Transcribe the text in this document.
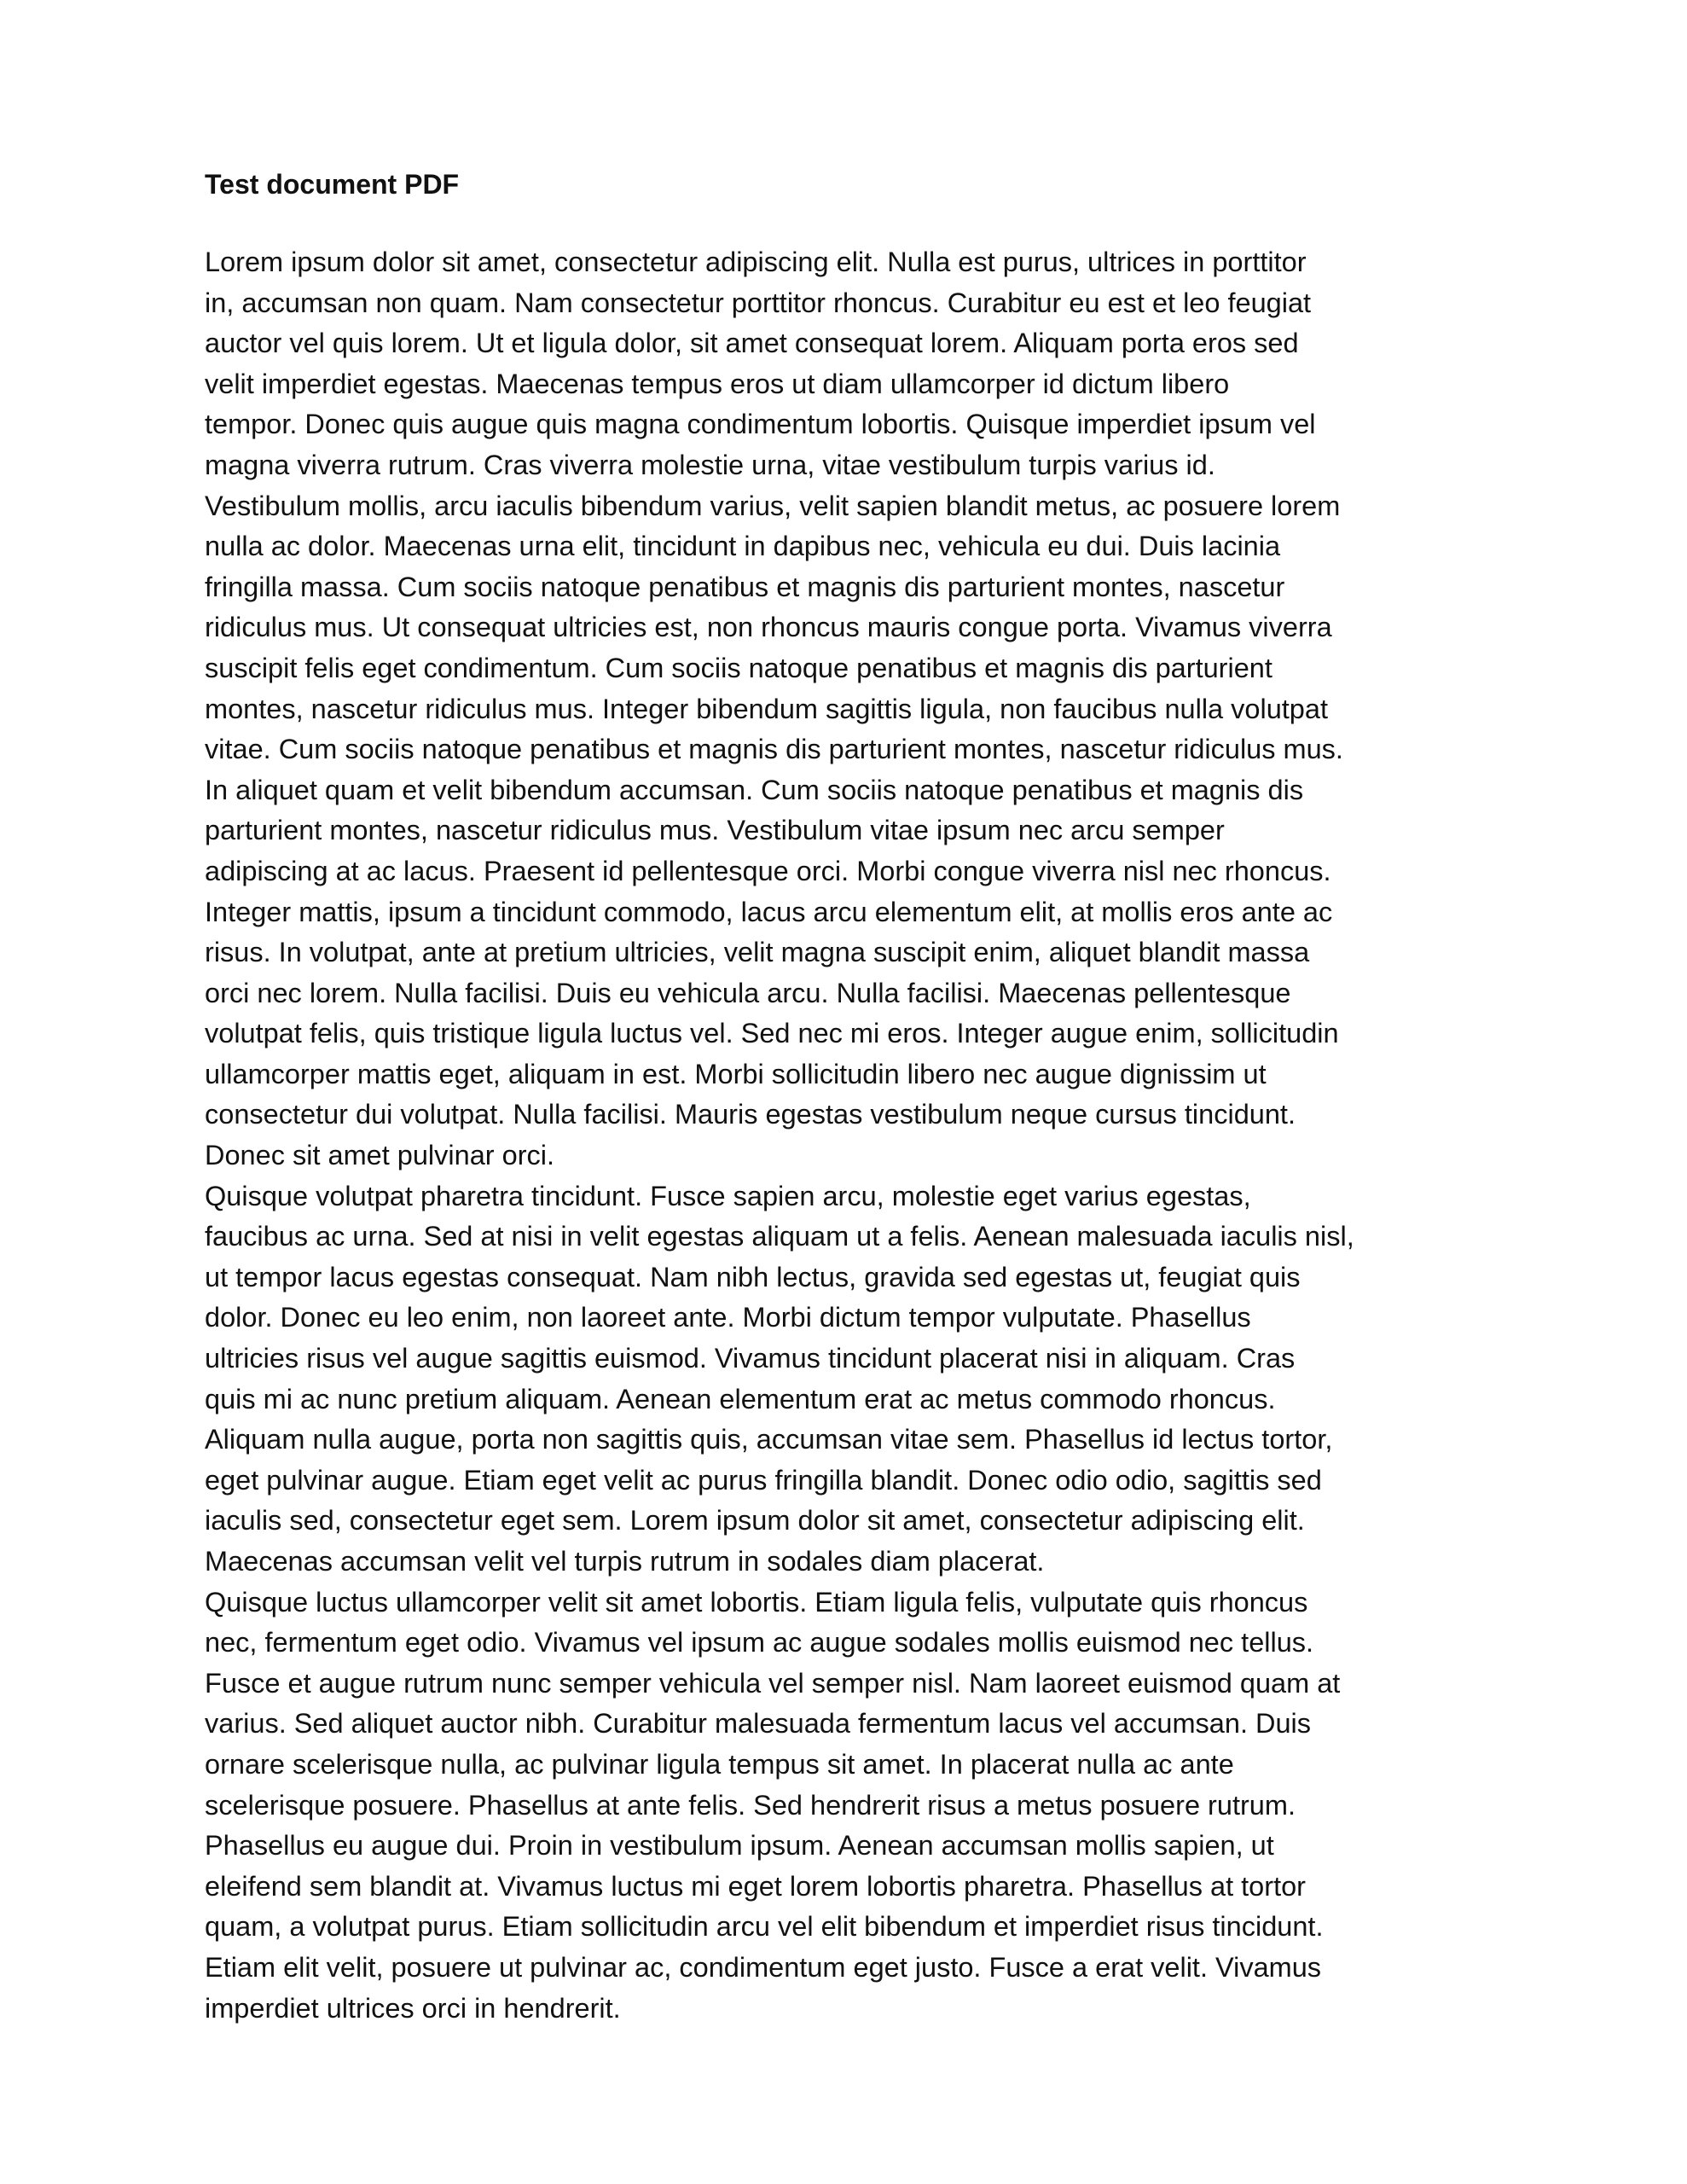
Test document PDF

Lorem ipsum dolor sit amet, consectetur adipiscing elit. Nulla est purus, ultrices in porttitor
in, accumsan non quam. Nam consectetur porttitor rhoncus. Curabitur eu est et leo feugiat
auctor vel quis lorem. Ut et ligula dolor, sit amet consequat lorem. Aliquam porta eros sed
velit imperdiet egestas. Maecenas tempus eros ut diam ullamcorper id dictum libero
tempor. Donec quis augue quis magna condimentum lobortis. Quisque imperdiet ipsum vel
magna viverra rutrum. Cras viverra molestie urna, vitae vestibulum turpis varius id.
Vestibulum mollis, arcu iaculis bibendum varius, velit sapien blandit metus, ac posuere lorem
nulla ac dolor. Maecenas urna elit, tincidunt in dapibus nec, vehicula eu dui. Duis lacinia
fringilla massa. Cum sociis natoque penatibus et magnis dis parturient montes, nascetur
ridiculus mus. Ut consequat ultricies est, non rhoncus mauris congue porta. Vivamus viverra
suscipit felis eget condimentum. Cum sociis natoque penatibus et magnis dis parturient
montes, nascetur ridiculus mus. Integer bibendum sagittis ligula, non faucibus nulla volutpat
vitae. Cum sociis natoque penatibus et magnis dis parturient montes, nascetur ridiculus mus.
In aliquet quam et velit bibendum accumsan. Cum sociis natoque penatibus et magnis dis
parturient montes, nascetur ridiculus mus. Vestibulum vitae ipsum nec arcu semper
adipiscing at ac lacus. Praesent id pellentesque orci. Morbi congue viverra nisl nec rhoncus.
Integer mattis, ipsum a tincidunt commodo, lacus arcu elementum elit, at mollis eros ante ac
risus. In volutpat, ante at pretium ultricies, velit magna suscipit enim, aliquet blandit massa
orci nec lorem. Nulla facilisi. Duis eu vehicula arcu. Nulla facilisi. Maecenas pellentesque
volutpat felis, quis tristique ligula luctus vel. Sed nec mi eros. Integer augue enim, sollicitudin
ullamcorper mattis eget, aliquam in est. Morbi sollicitudin libero nec augue dignissim ut
consectetur dui volutpat. Nulla facilisi. Mauris egestas vestibulum neque cursus tincidunt.
Donec sit amet pulvinar orci.

Quisque volutpat pharetra tincidunt. Fusce sapien arcu, molestie eget varius egestas,
faucibus ac urna. Sed at nisi in velit egestas aliquam ut a felis. Aenean malesuada iaculis nisl,
ut tempor lacus egestas consequat. Nam nibh lectus, gravida sed egestas ut, feugiat quis
dolor. Donec eu leo enim, non laoreet ante. Morbi dictum tempor vulputate. Phasellus
ultricies risus vel augue sagittis euismod. Vivamus tincidunt placerat nisi in aliquam. Cras
quis mi ac nunc pretium aliquam. Aenean elementum erat ac metus commodo rhoncus.
Aliquam nulla augue, porta non sagittis quis, accumsan vitae sem. Phasellus id lectus tortor,
eget pulvinar augue. Etiam eget velit ac purus fringilla blandit. Donec odio odio, sagittis sed
iaculis sed, consectetur eget sem. Lorem ipsum dolor sit amet, consectetur adipiscing elit.
Maecenas accumsan velit vel turpis rutrum in sodales diam placerat.

Quisque luctus ullamcorper velit sit amet lobortis. Etiam ligula felis, vulputate quis rhoncus
nec, fermentum eget odio. Vivamus vel ipsum ac augue sodales mollis euismod nec tellus.
Fusce et augue rutrum nunc semper vehicula vel semper nisl. Nam laoreet euismod quam at
varius. Sed aliquet auctor nibh. Curabitur malesuada fermentum lacus vel accumsan. Duis
ornare scelerisque nulla, ac pulvinar ligula tempus sit amet. In placerat nulla ac ante
scelerisque posuere. Phasellus at ante felis. Sed hendrerit risus a metus posuere rutrum.
Phasellus eu augue dui. Proin in vestibulum ipsum. Aenean accumsan mollis sapien, ut
eleifend sem blandit at. Vivamus luctus mi eget lorem lobortis pharetra. Phasellus at tortor
quam, a volutpat purus. Etiam sollicitudin arcu vel elit bibendum et imperdiet risus tincidunt.
Etiam elit velit, posuere ut pulvinar ac, condimentum eget justo. Fusce a erat velit. Vivamus
imperdiet ultrices orci in hendrerit.
